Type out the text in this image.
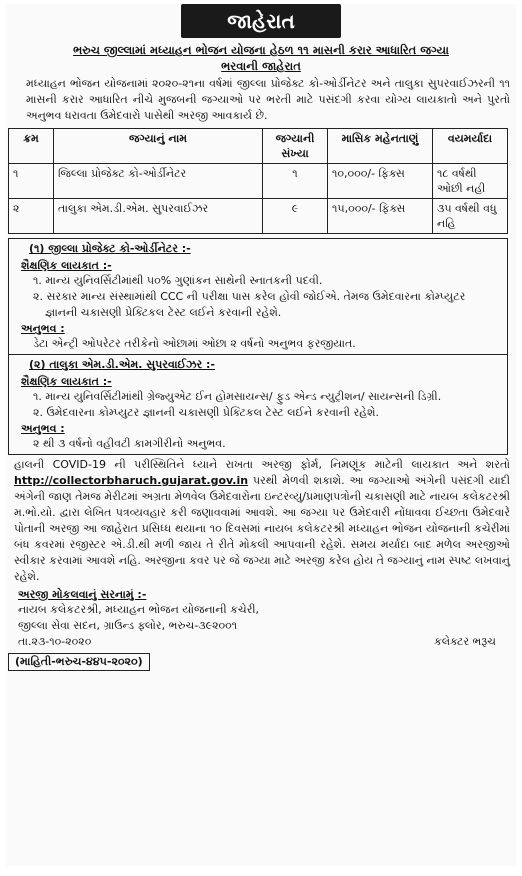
જાહેરાત
ભરુચ જીલ્લામાં મધ્યાહન ભોજન યોજના હેઠળ ૧૧ માસની કરાર આધારિત જગ્યા
ભરવાની જાહેરાત
મધ્યાહન ભોજન યોજનામાં ૨૦૨૦-૨૧ના વર્ષમાં જીલ્લા પ્રોજેક્ટ કો-ઓર્ડીનેટર અને તાલુકા સુપરવાઈઝરની ૧૧ માસની કરાર આધારિત નીચે મુજબની જગ્યાઓ પર ભરતી માટે પસંદગી કરવા યોગ્ય લાયકાતો અને પુરતો અનુભવ ધરાવતા ઉમેદવારો પાસેથી અરજી આવકાર્ય છે.
ક્રમ	જગ્યાનું નામ	જગ્યાની સંખ્યા	માસિક મહેનતાણું	વયમર્યાદા
૧	જિલ્લા પ્રોજેક્ટ કો-ઓર્ડીનેટર	૧	૧૦,૦૦૦/- ફિક્સ	૧૮ વર્ષથી ઓછી નહી
૨	તાલુકા એમ.ડી.એમ. સુપરવાઈઝર	૯	૧૫,૦૦૦/- ફિક્સ	૩૫ વર્ષથી વધુ નહિ
(૧) જીલ્લા પ્રોજેક્ટ કો-ઓર્ડીનેટર :-
શૈક્ષણિક લાયકાત :-
૧. માન્ય યુનિવર્સિટીમાંથી ૫૦% ગુણાંકન સાથેની સ્નાતકની પદવી.
૨. સરકાર માન્ય સંસ્થામાંથી CCC ની પરીક્ષા પાસ કરેલ હોવી જોઈએ. તેમજ ઉમેદવારના કોમ્પ્યુટર જ્ઞાનની ચકાસણી પ્રેક્ટિકલ ટેસ્ટ લઈને કરવાની રહેશે.
અનુભવ :
ડેટા એન્ટ્રી ઓપરેટર તરીકેનો ઓછામાં ઓછા ૨ વર્ષનો અનુભવ ફરજીયાત.
(૨) તાલુકા એમ.ડી.એમ. સુપરવાઈઝર :-
શૈક્ષણિક લાયકાત :-
૧. માન્ય યુનિવર્સિટીમાંથી ગ્રેજ્યુએટ ઈન હોમસાયન્સ/ ફુડ એન્ડ ન્યુટ્રીશન/ સાયન્સની ડિગ્રી.
૨. ઉમેદવારના કોમ્પ્યુટર જ્ઞાનની ચકાસણી પ્રેક્ટિકલ ટેસ્ટ લઈને કરવાની રહેશે.
અનુભવ :
૨ થી ૩ વર્ષનો વહીવટી કામગીરીનો અનુભવ.
હાલની COVID-19 ની પરીસ્થિતિને ધ્યાને રાખતા અરજી ફોર્મ, નિમણૂંક માટેની લાયકાત અને શરતો http://collectorbharuch.gujarat.gov.in પરથી મેળવી શકાશે. આ જગ્યાઓ અંગેની પસંદગી યાદી અંગેની જાણ તેમજ મેરીટમાં અગ્રતા મેળવેલ ઉમેદવારોના ઇન્ટરવ્યુ/પ્રમાણપત્રોની ચકાસણી માટે નાયબ કલેકટરશ્રી મ.ભો.યો. દ્વારા લેખિત પત્રવ્યવહાર કરી જણાવવામાં આવશે. આ જગ્યા પર ઉમેદવારી નોંધાવવા ઈચ્છતા ઉમેદવારે પોતાની અરજી આ જાહેરાત પ્રસિધ્ધ થયાના ૧૦ દિવસમાં નાયબ કલેકટરશ્રી મધ્યાહન ભોજન યોજનાની કચેરીમાં બંધ કવરમાં રજીસ્ટર એ.ડી.થી મળી જાય તે રીતે મોકલી આપવાની રહેશે. સમય મર્યાદા બાદ મળેલ અરજીઓ સ્વીકાર કરવામાં આવશે નહિ. અરજીના કવર પર જે જગ્યા માટે અરજી કરેલ હોય તે જગ્યાનું નામ સ્પષ્ટ લખવાનું રહેશે.
અરજી મોકલવાનું સરનામું :-
નાયબ કલેકટરશ્રી, મધ્યાહન ભોજન યોજનાની કચેરી,
જીલ્લા સેવા સદન, ગ્રાઉન્ડ ફ્લોર, ભરુચ-૩૯૨૦૦૧
તા.૨૩-૧૦-૨૦૨૦	કલેક્ટર ભરૂચ
(માહિતી-ભરુચ-૪૪૫-૨૦૨૦)
